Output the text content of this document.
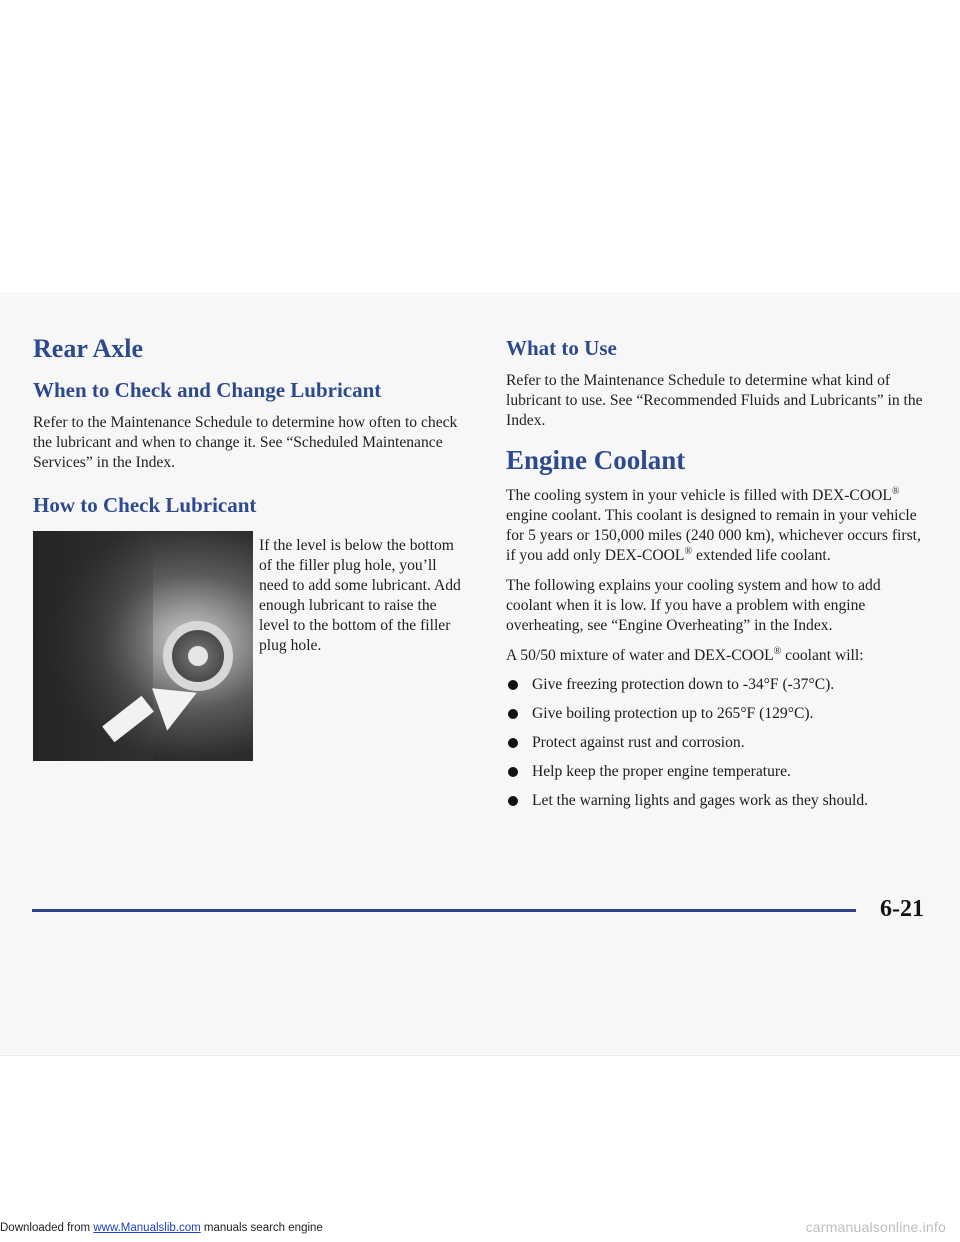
Rear Axle
When to Check and Change Lubricant

Refer to the Maintenance Schedule to determine how often to check the lubricant and when to change it. See “Scheduled Maintenance Services” in the Index.

How to Check Lubricant

If the level is below the bottom of the filler plug hole, you’ll need to add some lubricant. Add enough lubricant to raise the level to the bottom of the filler plug hole.

What to Use

Refer to the Maintenance Schedule to determine what kind of lubricant to use. See “Recommended Fluids and Lubricants” in the Index.

Engine Coolant

The cooling system in your vehicle is filled with DEX-COOL® engine coolant. This coolant is designed to remain in your vehicle for 5 years or 150,000 miles (240 000 km), whichever occurs first, if you add only DEX-COOL® extended life coolant.

The following explains your cooling system and how to add coolant when it is low. If you have a problem with engine overheating, see “Engine Overheating” in the Index.

A 50/50 mixture of water and DEX-COOL® coolant will:

Give freezing protection down to -34°F (-37°C).
Give boiling protection up to 265°F (129°C).
Protect against rust and corrosion.
Help keep the proper engine temperature.
Let the warning lights and gages work as they should.
6-21
Downloaded from www.Manualslib.com manuals search engine	carmanualsonline.info
